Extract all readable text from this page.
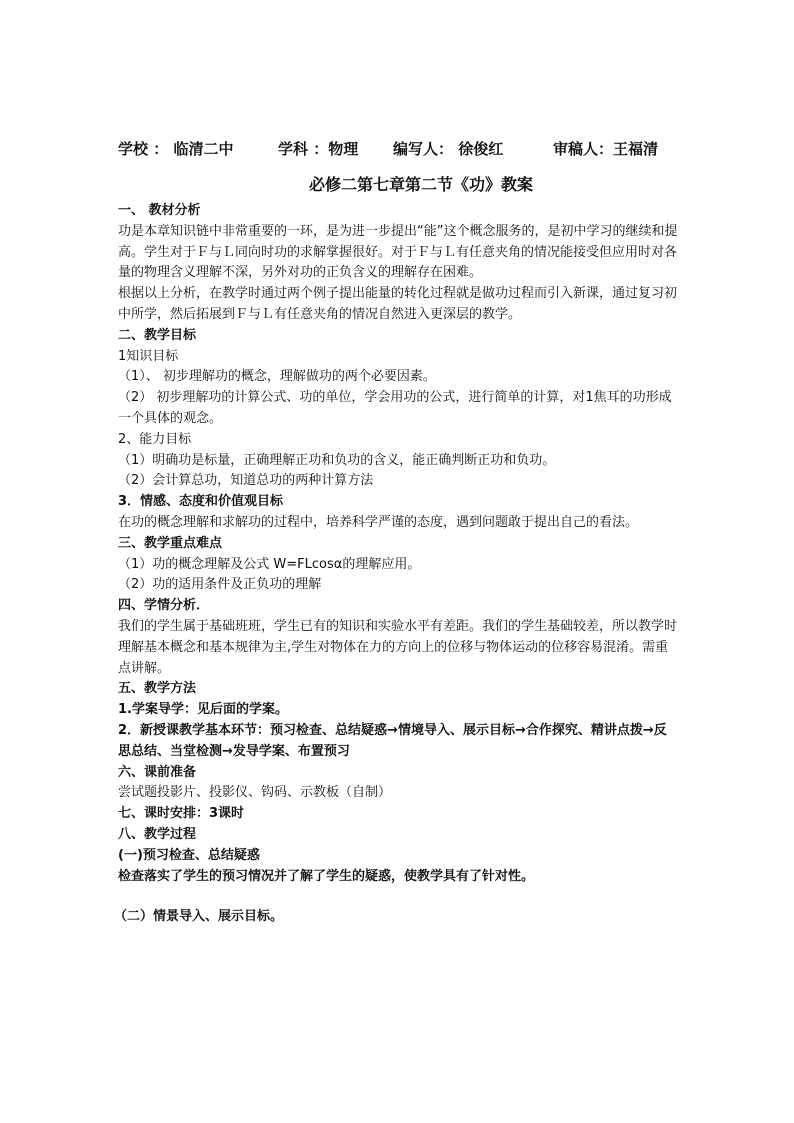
学校 ： 临清二中	学科 ：物理 编写人： 徐俊红	审稿人：王福清
必修二第七章第二节《功》教案

一、 教材分析

功是本章知识链中非常重要的一环，是为进一步提出“能”这个概念服务的，是初中学习的继续和提高。学生对于Ｆ与Ｌ同向时功的求解掌握很好。对于Ｆ与Ｌ有任意夹角的情况能接受但应用时对各量的物理含义理解不深，另外对功的正负含义的理解存在困难。

根据以上分析，在教学时通过两个例子提出能量的转化过程就是做功过程而引入新课，通过复习初中所学，然后拓展到Ｆ与Ｌ有任意夹角的情况自然进入更深层的教学。

二、教学目标

1知识目标

（1）、 初步理解功的概念，理解做功的两个必要因素。

（2） 初步理解功的计算公式、功的单位，学会用功的公式，进行简单的计算，对1焦耳的功形成一个具体的观念。

2、能力目标

（1）明确功是标量，正确理解正功和负功的含义，能正确判断正功和负功。

（2）会计算总功，知道总功的两种计算方法

3．情感、态度和价值观目标

在功的概念理解和求解功的过程中，培养科学严谨的态度，遇到问题敢于提出自己的看法。

三、教学重点难点

（1）功的概念理解及公式 W=FLcosα的理解应用。

（2）功的适用条件及正负功的理解

四、学情分析．

我们的学生属于基础班班，学生已有的知识和实验水平有差距。我们的学生基础较差，所以教学时理解基本概念和基本规律为主,学生对物体在力的方向上的位移与物体运动的位移容易混淆。需重点讲解。

五、教学方法

1.学案导学：见后面的学案。

2．新授课教学基本环节：预习检查、总结疑惑→情境导入、展示目标→合作探究、精讲点拨→反思总结、当堂检测→发导学案、布置预习

六、课前准备

尝试题投影片、投影仪、钩码、示教板（自制）

七、课时安排：3课时

八、教学过程

(一)预习检查、总结疑惑

检查落实了学生的预习情况并了解了学生的疑惑，使教学具有了针对性。

（二）情景导入、展示目标。
